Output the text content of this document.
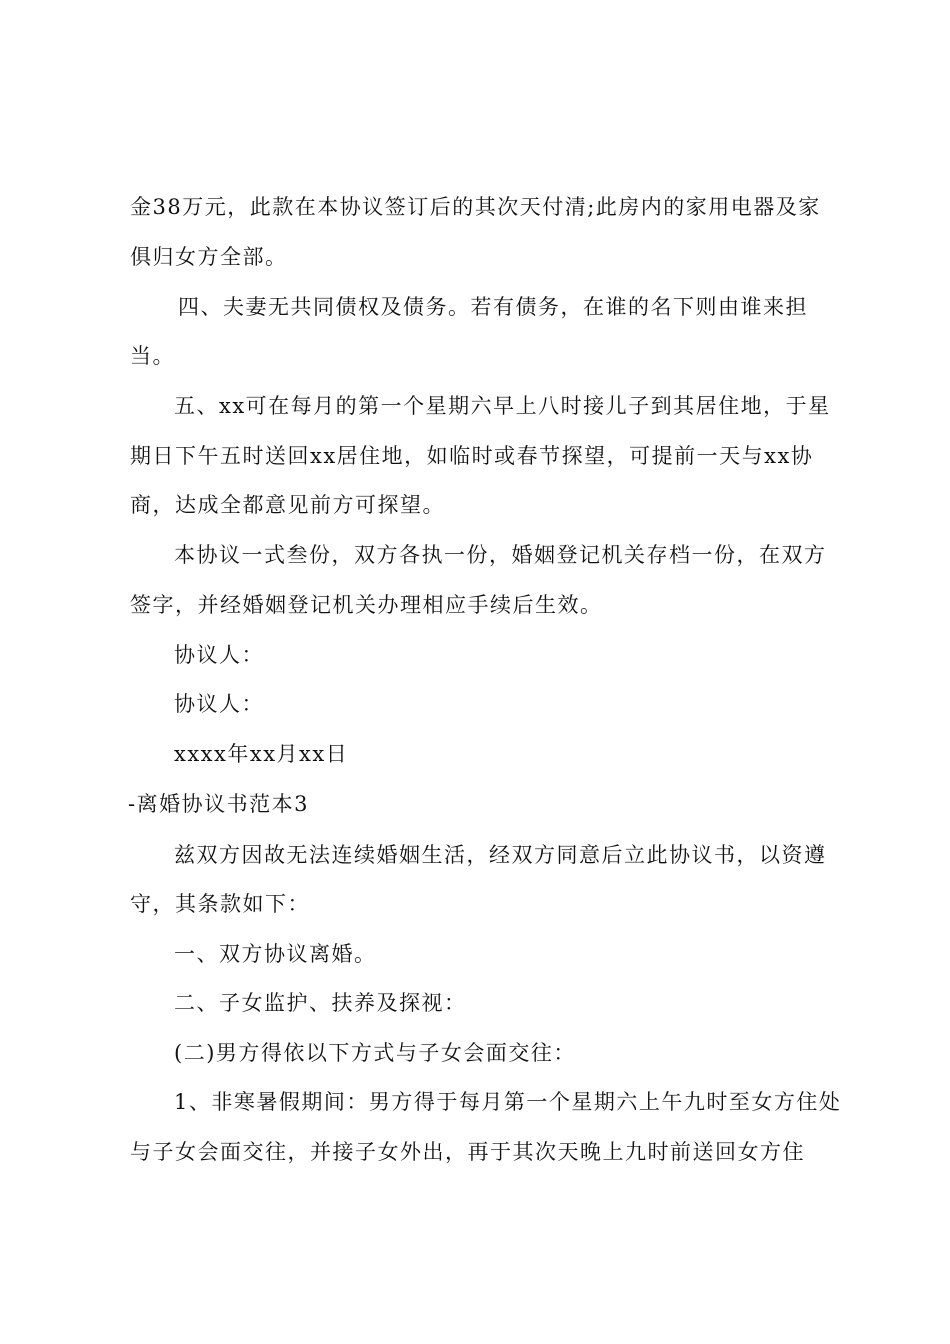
金38万元，此款在本协议签订后的其次天付清;此房内的家用电器及家
俱归女方全部。
四、夫妻无共同债权及债务。若有债务，在谁的名下则由谁来担
当。
五、xx可在每月的第一个星期六早上八时接儿子到其居住地，于星
期日下午五时送回xx居住地，如临时或春节探望，可提前一天与xx协
商，达成全都意见前方可探望。
本协议一式叁份，双方各执一份，婚姻登记机关存档一份，在双方
签字，并经婚姻登记机关办理相应手续后生效。
协议人：
协议人：
xxxx年xx月xx日
-离婚协议书范本3
兹双方因故无法连续婚姻生活，经双方同意后立此协议书，以资遵
守，其条款如下：
一、双方协议离婚。
二、子女监护、扶养及探视：
(二)男方得依以下方式与子女会面交往：
1、非寒暑假期间：男方得于每月第一个星期六上午九时至女方住处
与子女会面交往，并接子女外出，再于其次天晚上九时前送回女方住
